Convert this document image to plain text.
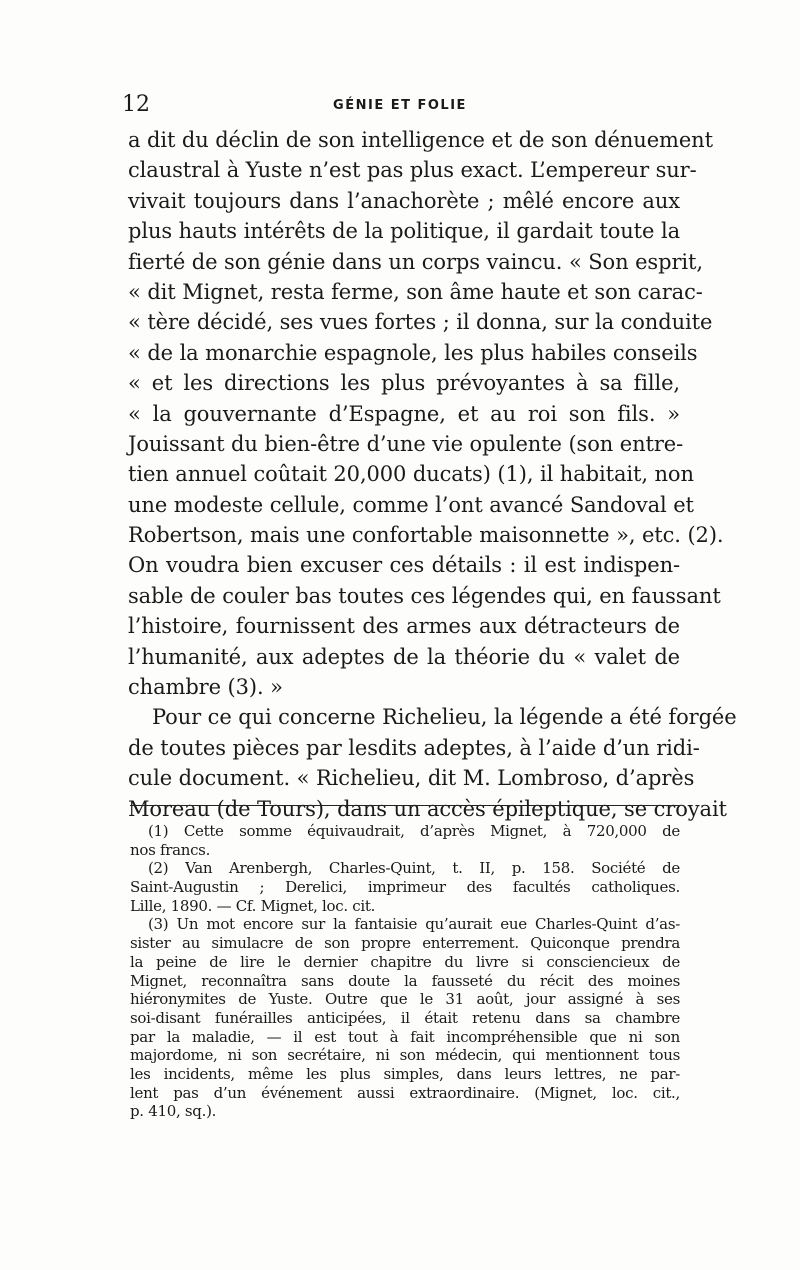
12	GÉNIE ET FOLIE
a dit du déclin de son intelligence et de son dénuement
claustral à Yuste n’est pas plus exact. L’empereur sur-
vivait toujours dans l’anachorète ; mêlé encore aux
plus hauts intérêts de la politique, il gardait toute la
fierté de son génie dans un corps vaincu. « Son esprit,
« dit Mignet, resta ferme, son âme haute et son carac-
« tère décidé, ses vues fortes ; il donna, sur la conduite
« de la monarchie espagnole, les plus habiles conseils
« et les directions les plus prévoyantes à sa fille,
« la gouvernante d’Espagne, et au roi son fils. »
Jouissant du bien-être d’une vie opulente (son entre-
tien annuel coûtait 20,000 ducats) (1), il habitait, non
une modeste cellule, comme l’ont avancé Sandoval et
Robertson, mais une confortable maisonnette », etc. (2).
On voudra bien excuser ces détails : il est indispen-
sable de couler bas toutes ces légendes qui, en faussant
l’histoire, fournissent des armes aux détracteurs de
l’humanité, aux adeptes de la théorie du « valet de
chambre (3). »
Pour ce qui concerne Richelieu, la légende a été forgée
de toutes pièces par lesdits adeptes, à l’aide d’un ridi-
cule document. « Richelieu, dit M. Lombroso, d’après
Moreau (de Tours), dans un accès épileptique, se croyait
(1) Cette somme équivaudrait, d’après Mignet, à 720,000 de
nos francs.
(2) Van Arenbergh, Charles-Quint, t. II, p. 158. Société de
Saint-Augustin ; Derelici, imprimeur des facultés catholiques.
Lille, 1890. — Cf. Mignet, loc. cit.
(3) Un mot encore sur la fantaisie qu’aurait eue Charles-Quint d’as-
sister au simulacre de son propre enterrement. Quiconque prendra
la peine de lire le dernier chapitre du livre si consciencieux de
Mignet, reconnaîtra sans doute la fausseté du récit des moines
hiéronymites de Yuste. Outre que le 31 août, jour assigné à ses
soi-disant funérailles anticipées, il était retenu dans sa chambre
par la maladie, — il est tout à fait incompréhensible que ni son
majordome, ni son secrétaire, ni son médecin, qui mentionnent tous
les incidents, même les plus simples, dans leurs lettres, ne par-
lent pas d’un événement aussi extraordinaire. (Mignet, loc. cit.,
p. 410, sq.).
